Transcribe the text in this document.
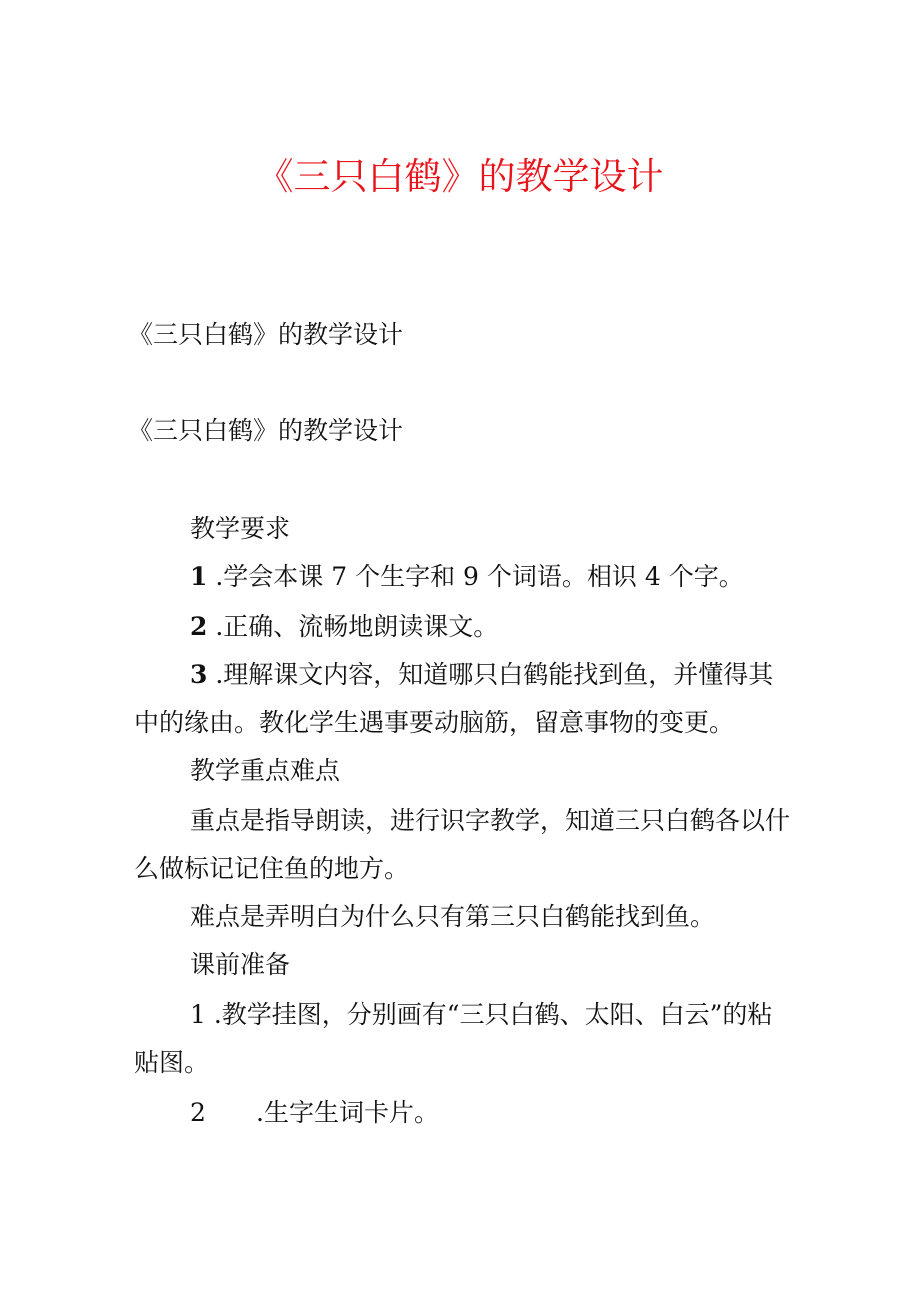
《三只白鹤》的教学设计
《三只白鹤》的教学设计
《三只白鹤》的教学设计
教学要求
1 .学会本课 7 个生字和 9 个词语。相识 4 个字。
2 .正确、流畅地朗读课文。
3 .理解课文内容，知道哪只白鹤能找到鱼，并懂得其
中的缘由。教化学生遇事要动脑筋，留意事物的变更。
教学重点难点
重点是指导朗读，进行识字教学，知道三只白鹤各以什
么做标记记住鱼的地方。
难点是弄明白为什么只有第三只白鹤能找到鱼。
课前准备
1 .教学挂图，分别画有“三只白鹤、太阳、白云”的粘
贴图。
2 .生字生词卡片。
